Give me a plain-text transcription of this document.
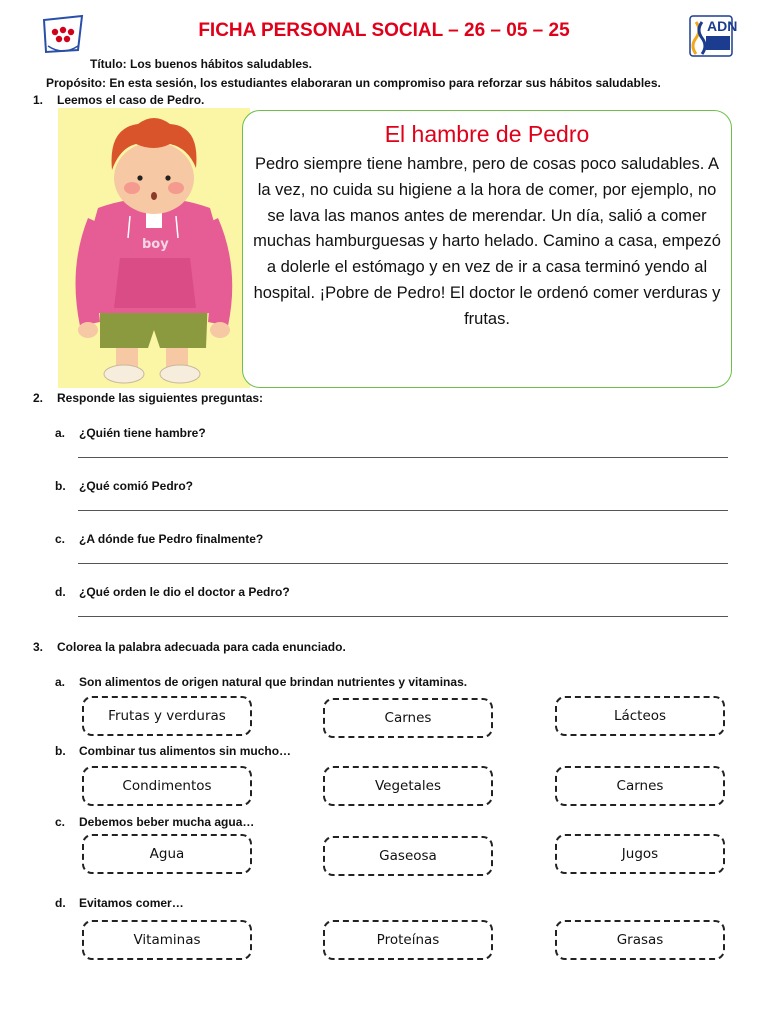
FICHA PERSONAL SOCIAL – 26 – 05 – 25	ADN
Título: Los buenos hábitos saludables.
Propósito: En esta sesión, los estudiantes elaboraran un compromiso para reforzar sus hábitos saludables.
1. Leemos el caso de Pedro.
boy
El hambre de Pedro
Pedro siempre tiene hambre, pero de cosas poco saludables. A la vez, no cuida su higiene a la hora de comer, por ejemplo, no se lava las manos antes de merendar. Un día, salió a comer muchas hamburguesas y harto helado. Camino a casa, empezó a dolerle el estómago y en vez de ir a casa terminó yendo al hospital. ¡Pobre de Pedro! El doctor le ordenó comer verduras y frutas.
2. Responde las siguientes preguntas:
a. ¿Quién tiene hambre?
b. ¿Qué comió Pedro?
c. ¿A dónde fue Pedro finalmente?
d. ¿Qué orden le dio el doctor a Pedro?
3. Colorea la palabra adecuada para cada enunciado.
a. Son alimentos de origen natural que brindan nutrientes y vitaminas.
Frutas y verduras	Carnes	Lácteos
b. Combinar tus alimentos sin mucho…
Condimentos	Vegetales	Carnes
c. Debemos beber mucha agua…
Agua	Gaseosa	Jugos
d. Evitamos comer…
Vitaminas	Proteínas	Grasas
